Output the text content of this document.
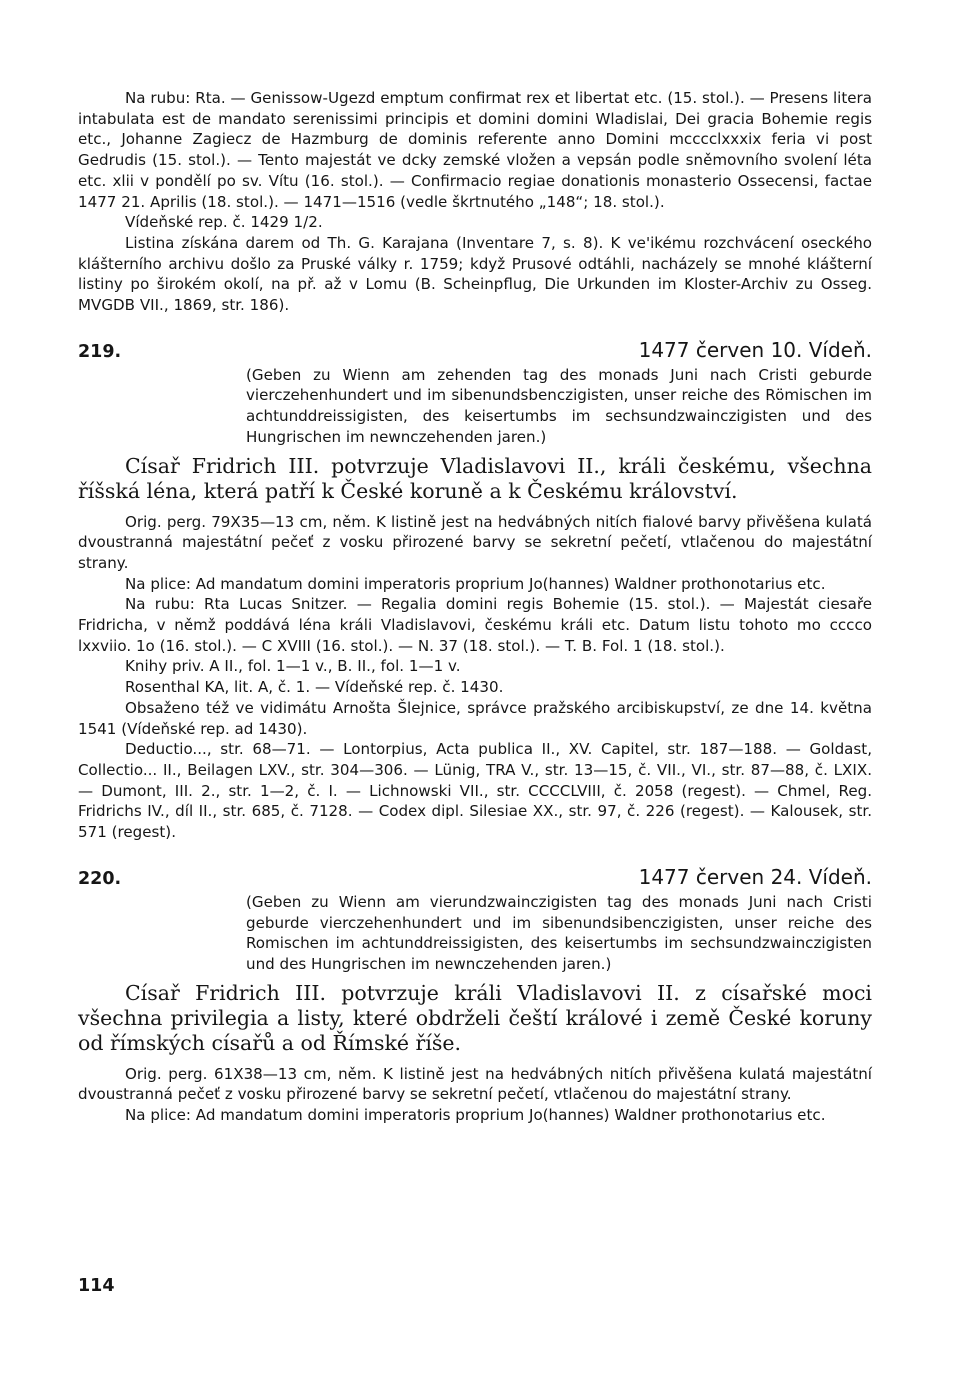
Na rubu: Rta. — Genissow-Ugezd emptum confirmat rex et libertat etc. (15. stol.). — Presens litera intabulata est de mandato serenissimi principis et domini domini Wladislai, Dei gracia Bohemie regis etc., Johanne Zagiecz de Hazmburg de dominis referente anno Domini mcccclxxxix feria vi post Gedrudis (15. stol.). — Tento majestát ve dcky zemské vložen a vepsán podle sněmovního svolení léta etc. xlii v pondělí po sv. Vítu (16. stol.). — Confirmacio regiae donationis monasterio Ossecensi, factae 1477 21. Aprilis (18. stol.). — 1471—1516 (vedle škrtnutého „148“; 18. stol.).

Vídeňské rep. č. 1429 1/2.

Listina získána darem od Th. G. Karajana (Inventare 7, s. 8). K ve'ikému rozchvácení oseckého klášterního archivu došlo za Pruské války r. 1759; když Prusové odtáhli, nacházely se mnohé klášterní listiny po širokém okolí, na př. až v Lomu (B. Scheinpflug, Die Urkunden im Kloster-Archiv zu Osseg. MVGDB VII., 1869, str. 186).

219.	1477 červen 10. Vídeň.

(Geben zu Wienn am zehenden tag des monads Juni nach Cristi geburde vierczehenhundert und im sibenundsbenczigisten, unser reiche des Römischen im achtunddreissigisten, des keisertumbs im sechsundzwainczigisten und des Hungrischen im newnczehenden jaren.)

Císař Fridrich III. potvrzuje Vladislavovi II., králi českému, všechna říšská léna, která patří k České koruně a k Českému království.

Orig. perg. 79X35—13 cm, něm. K listině jest na hedvábných nitích fialové barvy přivěšena kulatá dvoustranná majestátní pečeť z vosku přirozené barvy se sekretní pečetí, vtlačenou do majestátní strany.

Na plice: Ad mandatum domini imperatoris proprium Jo(hannes) Waldner prothonotarius etc.

Na rubu: Rta Lucas Snitzer. — Regalia domini regis Bohemie (15. stol.). — Majestát ciesaře Fridricha, v němž poddává léna králi Vladislavovi, českému králi etc. Datum listu tohoto mo cccco lxxviio. 1o (16. stol.). — C XVIII (16. stol.). — N. 37 (18. stol.). — T. B. Fol. 1 (18. stol.).

Knihy priv. A II., fol. 1—1 v., B. II., fol. 1—1 v.

Rosenthal KA, lit. A, č. 1. — Vídeňské rep. č. 1430.

Obsaženo též ve vidimátu Arnošta Šlejnice, správce pražského arcibiskupství, ze dne 14. května 1541 (Vídeňské rep. ad 1430).

Deductio..., str. 68—71. — Lontorpius, Acta publica II., XV. Capitel, str. 187—188. — Goldast, Collectio... II., Beilagen LXV., str. 304—306. — Lünig, TRA V., str. 13—15, č. VII., VI., str. 87—88, č. LXIX. — Dumont, III. 2., str. 1—2, č. I. — Lichnowski VII., str. CCCCLVIII, č. 2058 (regest). — Chmel, Reg. Fridrichs IV., díl II., str. 685, č. 7128. — Codex dipl. Silesiae XX., str. 97, č. 226 (regest). — Kalousek, str. 571 (regest).

220.	1477 červen 24. Vídeň.

(Geben zu Wienn am vierundzwainczigisten tag des monads Juni nach Cristi geburde vierczehenhundert und im sibenundsibenczigisten, unser reiche des Romischen im achtunddreissigisten, des keisertumbs im sechsundzwainczigisten und des Hungrischen im newnczehenden jaren.)

Císař Fridrich III. potvrzuje králi Vladislavovi II. z císařské moci všechna privilegia a listy, které obdrželi čeští králové i země České koruny od římských císařů a od Římské říše.

Orig. perg. 61X38—13 cm, něm. K listině jest na hedvábných nitích přivěšena kulatá majestátní dvoustranná pečeť z vosku přirozené barvy se sekretní pečetí, vtlačenou do majestátní strany.

Na plice: Ad mandatum domini imperatoris proprium Jo(hannes) Waldner prothonotarius etc.

114
